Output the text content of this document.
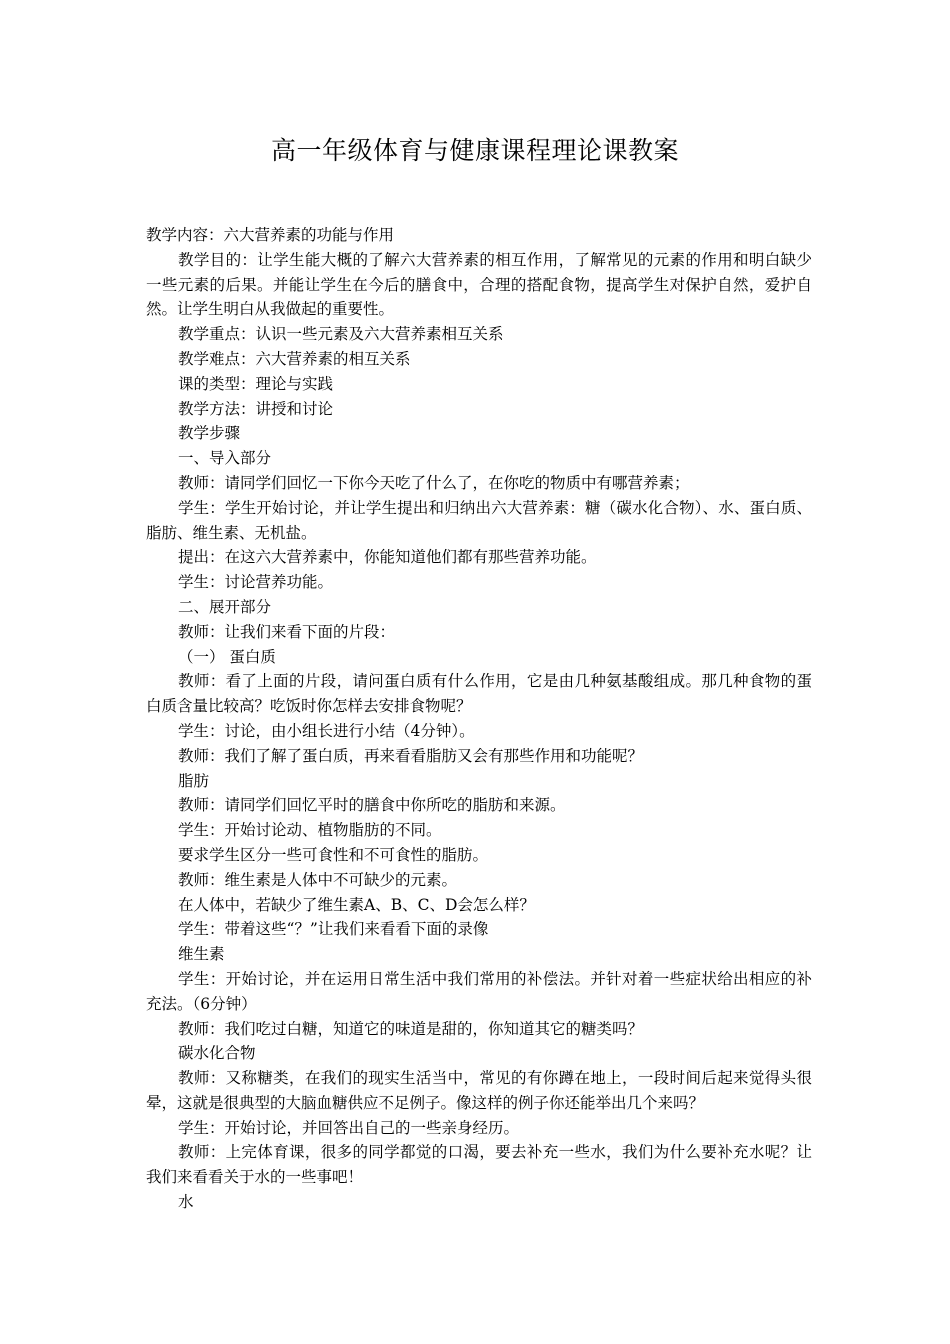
高一年级体育与健康课程理论课教案

教学内容：六大营养素的功能与作用

教学目的：让学生能大概的了解六大营养素的相互作用，了解常见的元素的作用和明白缺少一些元素的后果。并能让学生在今后的膳食中，合理的搭配食物，提高学生对保护自然，爱护自然。让学生明白从我做起的重要性。

教学重点：认识一些元素及六大营养素相互关系

教学难点：六大营养素的相互关系

课的类型：理论与实践

教学方法：讲授和讨论

教学步骤

一、导入部分

教师：请同学们回忆一下你今天吃了什么了，在你吃的物质中有哪营养素；

学生：学生开始讨论，并让学生提出和归纳出六大营养素：糖（碳水化合物）、水、蛋白质、脂肪、维生素、无机盐。

提出：在这六大营养素中，你能知道他们都有那些营养功能。

学生：讨论营养功能。

二、展开部分

教师：让我们来看下面的片段：

（一） 蛋白质

教师：看了上面的片段，请问蛋白质有什么作用，它是由几种氨基酸组成。那几种食物的蛋白质含量比较高？吃饭时你怎样去安排食物呢？

学生：讨论，由小组长进行小结（4分钟）。

教师：我们了解了蛋白质，再来看看脂肪又会有那些作用和功能呢？

脂肪

教师：请同学们回忆平时的膳食中你所吃的脂肪和来源。

学生：开始讨论动、植物脂肪的不同。

要求学生区分一些可食性和不可食性的脂肪。

教师：维生素是人体中不可缺少的元素。

在人体中，若缺少了维生素A、B、C、D会怎么样？

学生：带着这些“？”让我们来看看下面的录像

维生素

学生：开始讨论，并在运用日常生活中我们常用的补偿法。并针对着一些症状给出相应的补充法。（6分钟）

教师：我们吃过白糖，知道它的味道是甜的，你知道其它的糖类吗？

碳水化合物

教师：又称糖类，在我们的现实生活当中，常见的有你蹲在地上，一段时间后起来觉得头很晕，这就是很典型的大脑血糖供应不足例子。像这样的例子你还能举出几个来吗？

学生：开始讨论，并回答出自己的一些亲身经历。

教师：上完体育课，很多的同学都觉的口渴，要去补充一些水，我们为什么要补充水呢？让我们来看看关于水的一些事吧！

水
